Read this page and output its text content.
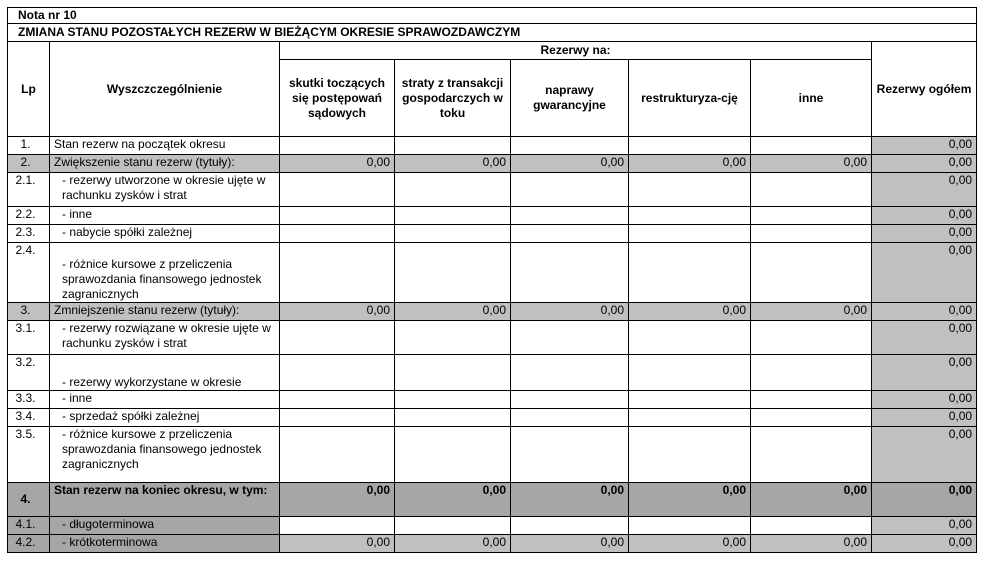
Nota nr 10							
ZMIANA STANU POZOSTAŁYCH REZERW W BIEŻĄCYM OKRESIE SPRAWOZDAWCZYM							
Lp	Wyszczczególnienie	Rezerwy na:					Rezerwy ogółem
		skutki toczących się postępowań sądowych	straty z transakcji gospodarczych w toku	naprawy gwarancyjne	restrukturyza-cję	inne	
1.	Stan rezerw na początek okresu						0,00
2.	Zwiększenie stanu rezerw (tytuły):	0,00	0,00	0,00	0,00	0,00	0,00
2.1.	- rezerwy utworzone w okresie ujęte w rachunku zysków i strat						0,00
2.2.	- inne						0,00
2.3.	- nabycie spółki zależnej						0,00
2.4.	- różnice kursowe z przeliczenia sprawozdania finansowego jednostek zagranicznych						0,00
3.	Zmniejszenie stanu rezerw (tytuły):	0,00	0,00	0,00	0,00	0,00	0,00
3.1.	- rezerwy rozwiązane w okresie ujęte w rachunku zysków i strat						0,00
3.2.	- rezerwy wykorzystane w okresie						0,00
3.3.	- inne						0,00
3.4.	- sprzedaż spółki zależnej						0,00
3.5.	- różnice kursowe z przeliczenia sprawozdania finansowego jednostek zagranicznych						0,00
4.	Stan rezerw na koniec okresu, w tym:	0,00	0,00	0,00	0,00	0,00	0,00
4.1.	- długoterminowa						0,00
4.2.	- krótkoterminowa	0,00	0,00	0,00	0,00	0,00	0,00
